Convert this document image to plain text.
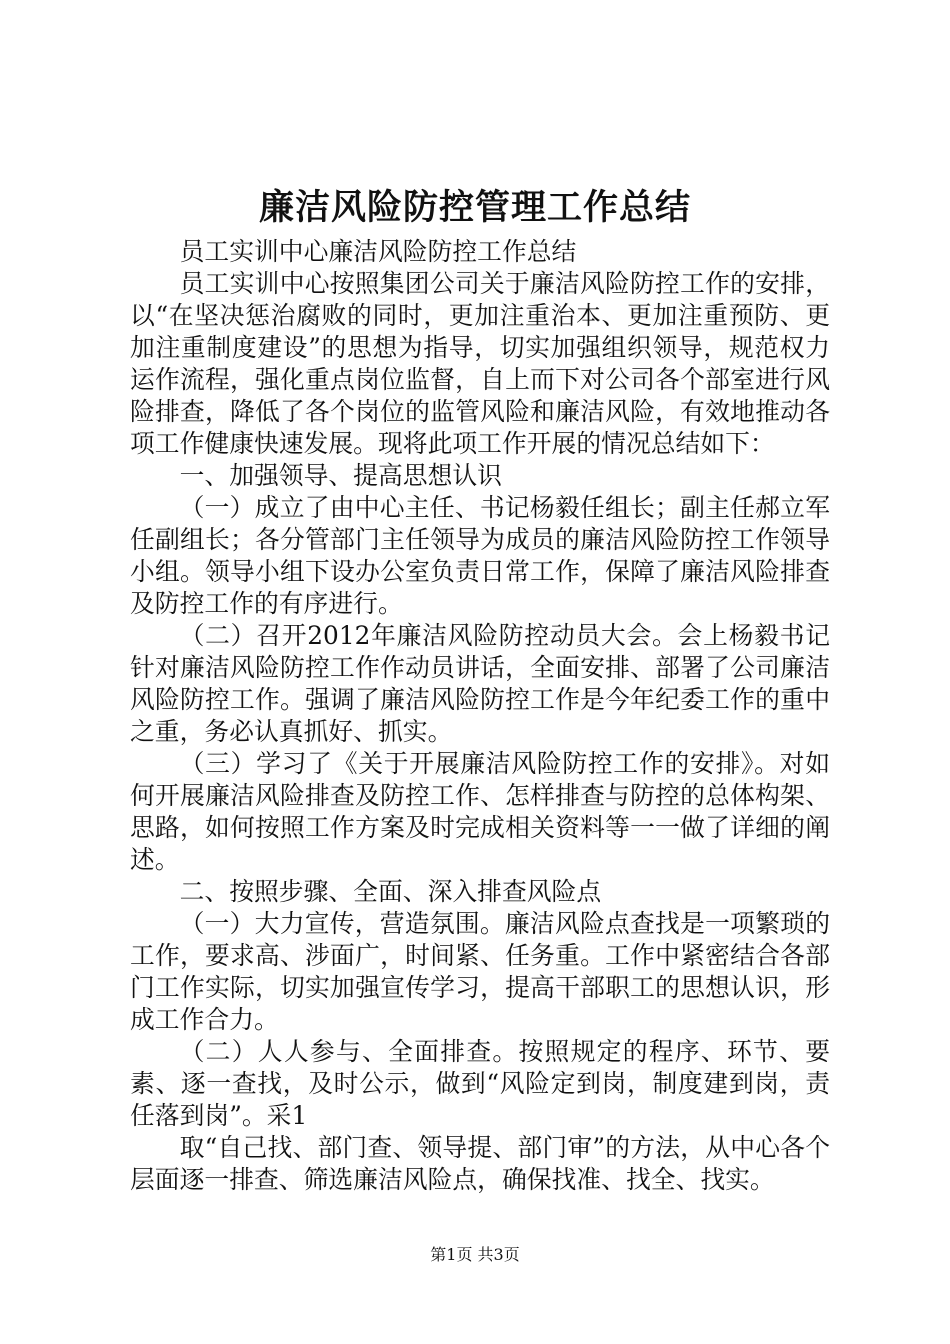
廉洁风险防控管理工作总结

员工实训中心廉洁风险防控工作总结

员工实训中心按照集团公司关于廉洁风险防控工作的安排，以“在坚决惩治腐败的同时，更加注重治本、更加注重预防、更加注重制度建设”的思想为指导，切实加强组织领导，规范权力运作流程，强化重点岗位监督，自上而下对公司各个部室进行风险排查，降低了各个岗位的监管风险和廉洁风险，有效地推动各项工作健康快速发展。现将此项工作开展的情况总结如下：

一、加强领导、提高思想认识

（一）成立了由中心主任、书记杨毅任组长；副主任郝立军任副组长；各分管部门主任领导为成员的廉洁风险防控工作领导小组。领导小组下设办公室负责日常工作，保障了廉洁风险排查及防控工作的有序进行。

（二）召开2012年廉洁风险防控动员大会。会上杨毅书记针对廉洁风险防控工作作动员讲话，全面安排、部署了公司廉洁风险防控工作。强调了廉洁风险防控工作是今年纪委工作的重中之重，务必认真抓好、抓实。

（三）学习了《关于开展廉洁风险防控工作的安排》。对如何开展廉洁风险排查及防控工作、怎样排查与防控的总体构架、思路，如何按照工作方案及时完成相关资料等一一做了详细的阐述。

二、按照步骤、全面、深入排查风险点

（一）大力宣传，营造氛围。廉洁风险点查找是一项繁琐的工作，要求高、涉面广，时间紧、任务重。工作中紧密结合各部门工作实际，切实加强宣传学习，提高干部职工的思想认识，形成工作合力。

（二）人人参与、全面排查。按照规定的程序、环节、要素、逐一查找，及时公示，做到“风险定到岗，制度建到岗，责任落到岗”。采1

取“自己找、部门查、领导提、部门审”的方法，从中心各个层面逐一排查、筛选廉洁风险点，确保找准、找全、找实。

第1页 共3页
